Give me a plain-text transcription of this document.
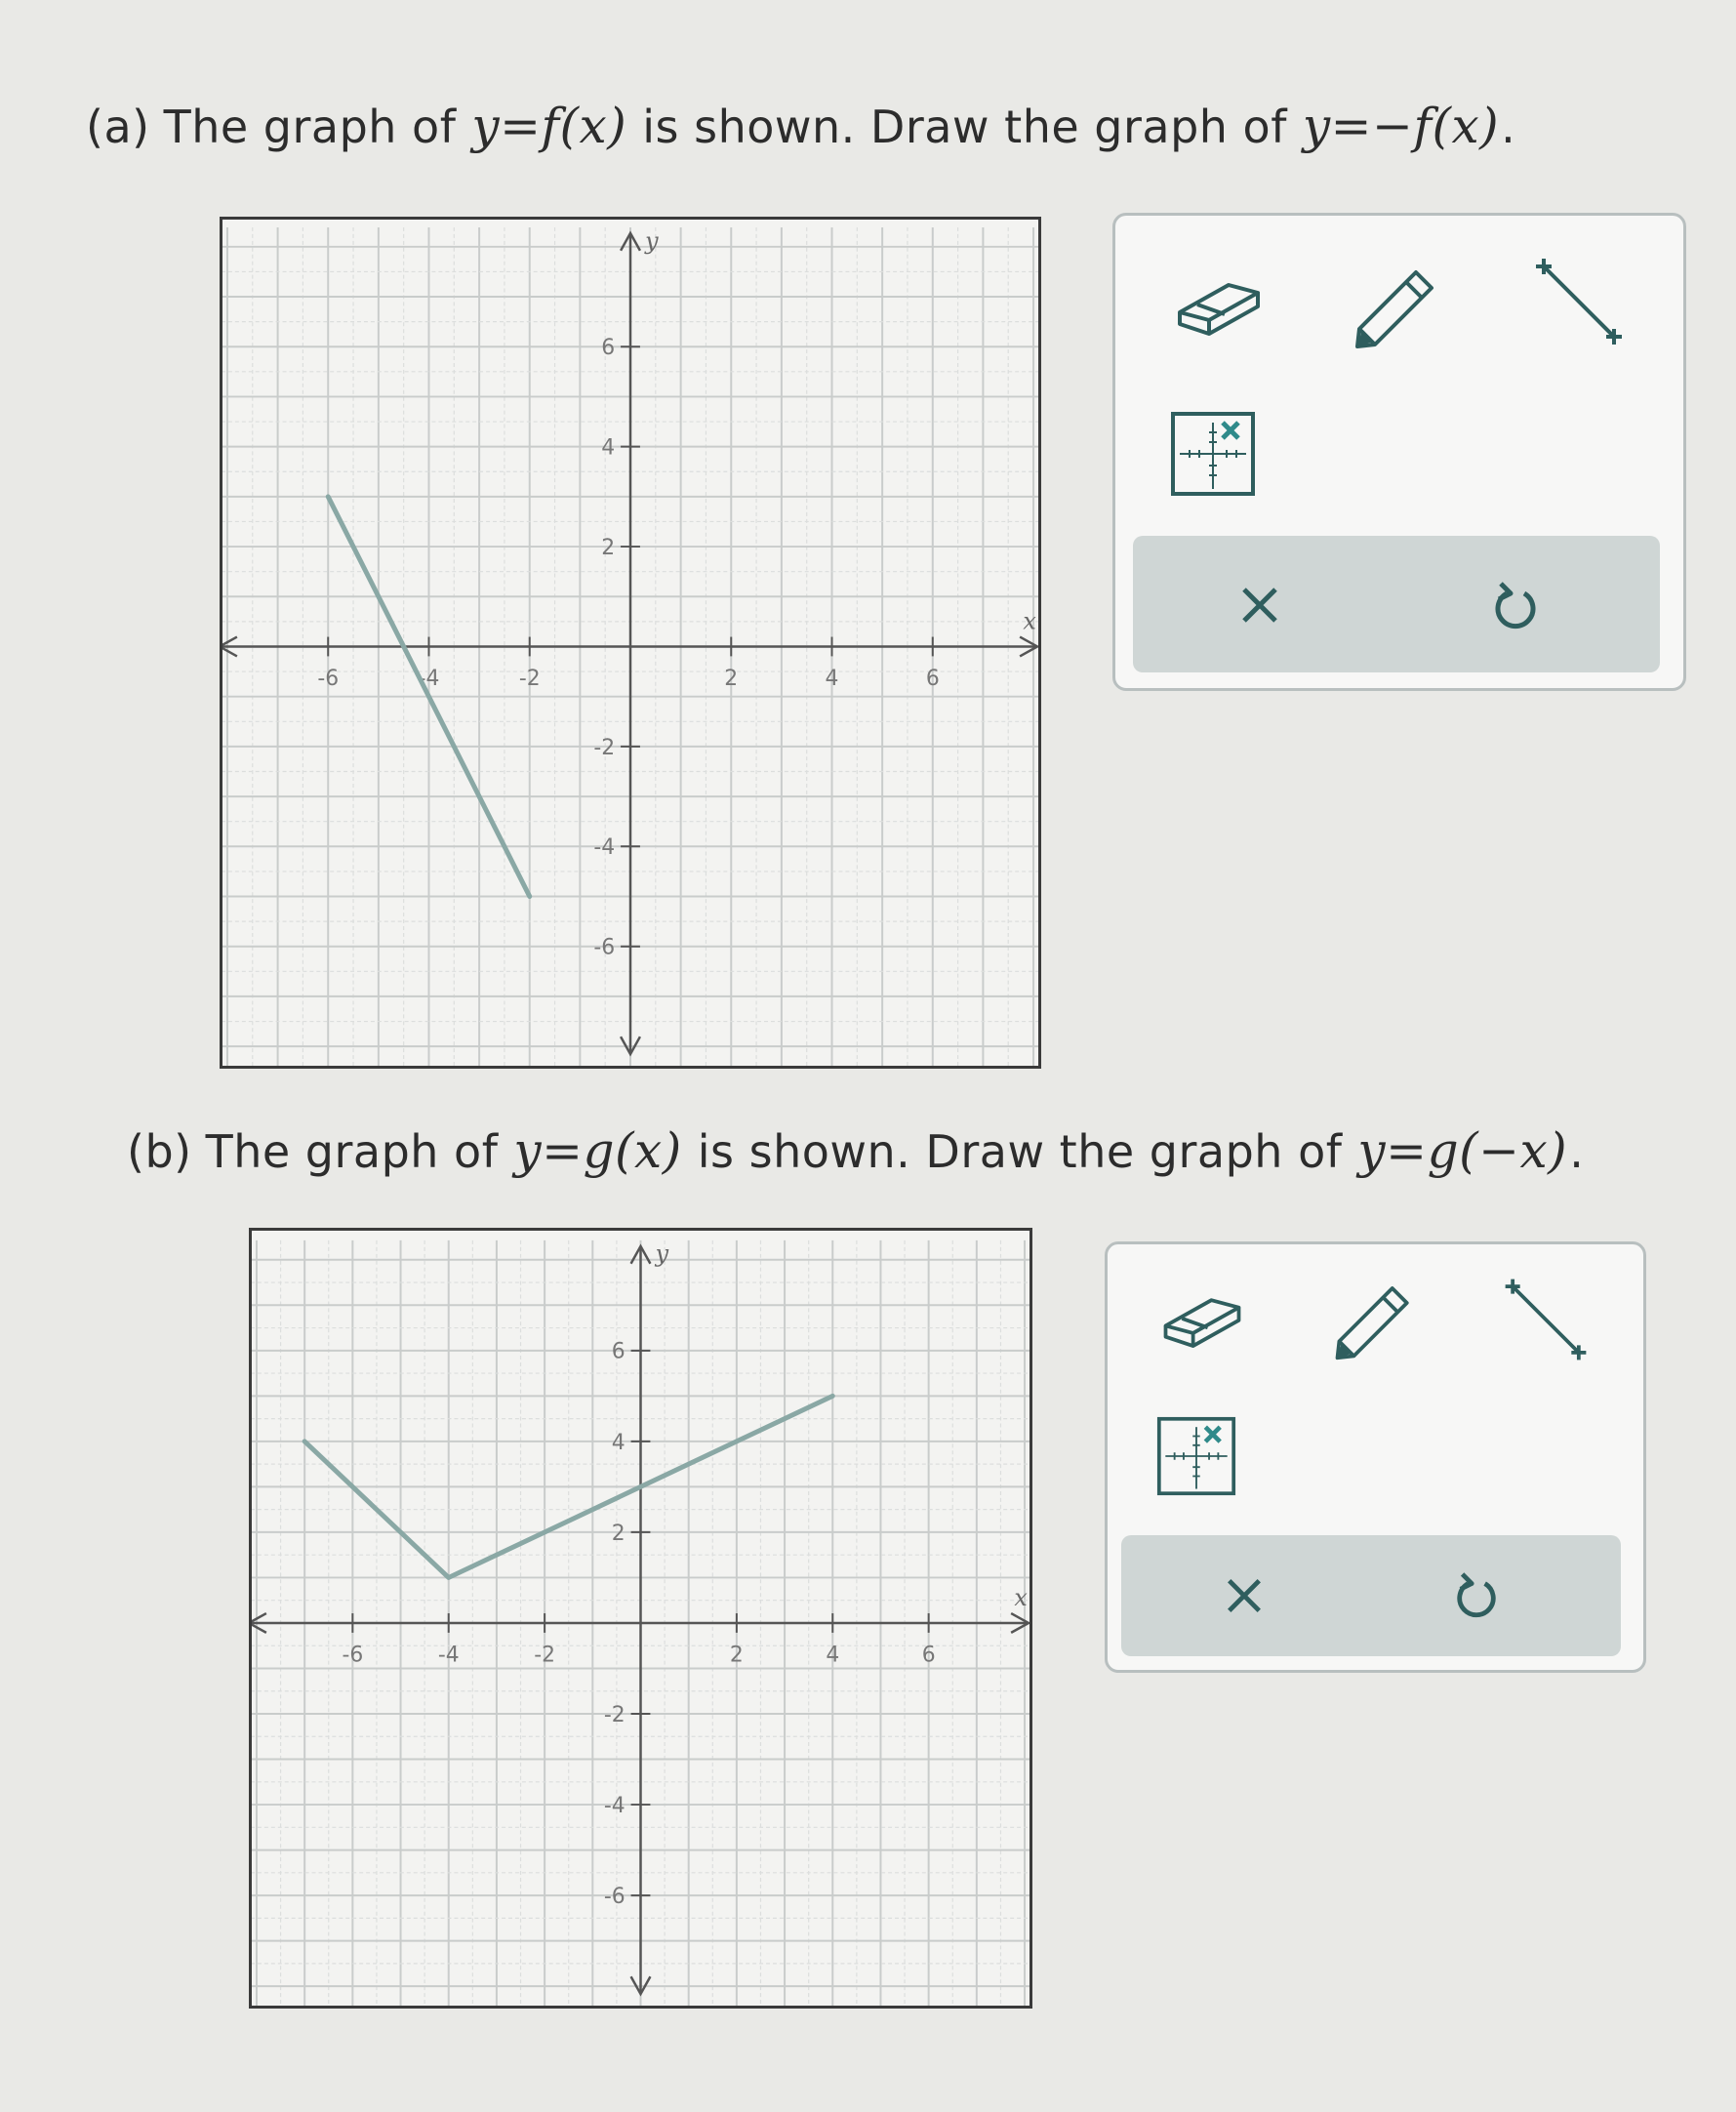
(a) The graph of y=f(x) is shown. Draw the graph of y=−f(x) .
-6	-4	-2	2	4	6
6
4
2
-2
-4
-6
x
y
(b) The graph of y=g(x) is shown. Draw the graph of y=g(−x) .
-6	-4	-2	2	4	6
6
4
2
-2
-4
-6
x
y
